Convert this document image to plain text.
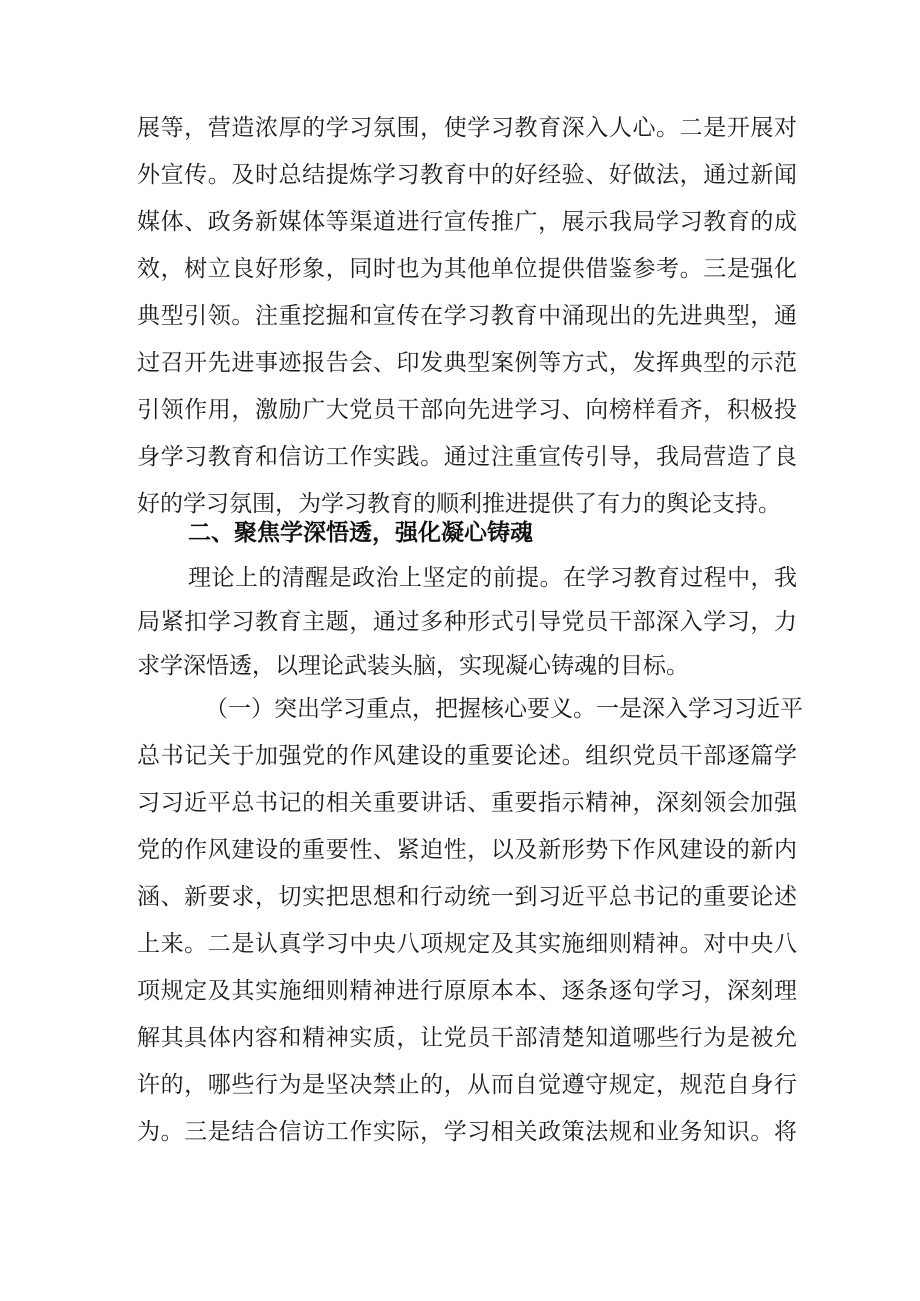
展等，营造浓厚的学习氛围，使学习教育深入人心。二是开展对
外宣传。及时总结提炼学习教育中的好经验、好做法，通过新闻
媒体、政务新媒体等渠道进行宣传推广，展示我局学习教育的成
效，树立良好形象，同时也为其他单位提供借鉴参考。三是强化
典型引领。注重挖掘和宣传在学习教育中涌现出的先进典型，通
过召开先进事迹报告会、印发典型案例等方式，发挥典型的示范
引领作用，激励广大党员干部向先进学习、向榜样看齐，积极投
身学习教育和信访工作实践。通过注重宣传引导，我局营造了良
好的学习氛围，为学习教育的顺利推进提供了有力的舆论支持。
二、聚焦学深悟透，强化凝心铸魂
理论上的清醒是政治上坚定的前提。在学习教育过程中，我
局紧扣学习教育主题，通过多种形式引导党员干部深入学习，力
求学深悟透，以理论武装头脑，实现凝心铸魂的目标。
（一）突出学习重点，把握核心要义。一是深入学习习近平
总书记关于加强党的作风建设的重要论述。组织党员干部逐篇学
习习近平总书记的相关重要讲话、重要指示精神，深刻领会加强
党的作风建设的重要性、紧迫性，以及新形势下作风建设的新内
涵、新要求，切实把思想和行动统一到习近平总书记的重要论述
上来。二是认真学习中央八项规定及其实施细则精神。对中央八
项规定及其实施细则精神进行原原本本、逐条逐句学习，深刻理
解其具体内容和精神实质，让党员干部清楚知道哪些行为是被允
许的，哪些行为是坚决禁止的，从而自觉遵守规定，规范自身行
为。三是结合信访工作实际，学习相关政策法规和业务知识。将
